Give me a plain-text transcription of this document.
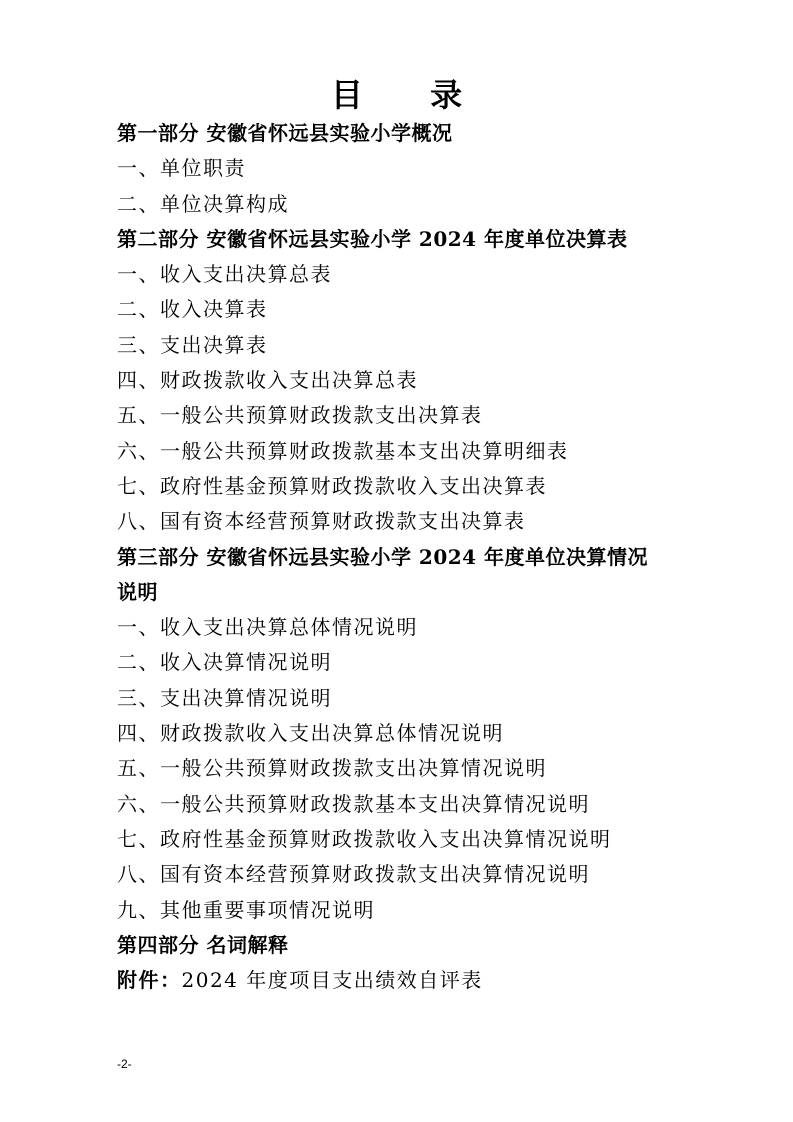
目 录
第一部分 安徽省怀远县实验小学概况
一、单位职责
二、单位决算构成
第二部分 安徽省怀远县实验小学 2024 年度单位决算表
一、收入支出决算总表
二、收入决算表
三、支出决算表
四、财政拨款收入支出决算总表
五、一般公共预算财政拨款支出决算表
六、一般公共预算财政拨款基本支出决算明细表
七、政府性基金预算财政拨款收入支出决算表
八、国有资本经营预算财政拨款支出决算表
第三部分 安徽省怀远县实验小学 2024 年度单位决算情况
说明
一、收入支出决算总体情况说明
二、收入决算情况说明
三、支出决算情况说明
四、财政拨款收入支出决算总体情况说明
五、一般公共预算财政拨款支出决算情况说明
六、一般公共预算财政拨款基本支出决算情况说明
七、政府性基金预算财政拨款收入支出决算情况说明
八、国有资本经营预算财政拨款支出决算情况说明
九、其他重要事项情况说明
第四部分 名词解释
附件：2024 年度项目支出绩效自评表
-2-
